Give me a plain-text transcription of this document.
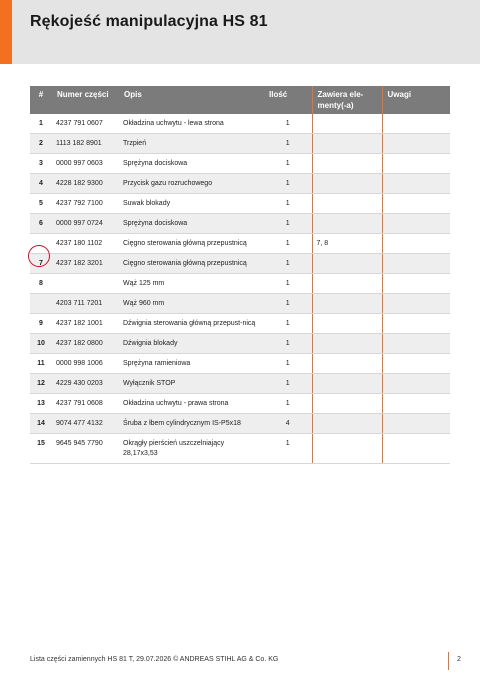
Rękojeść manipulacyjna HS 81
#	Numer części	Opis	Ilość	Zawiera ele-menty(-a)	Uwagi
1	4237 791 0607	Okładzina uchwytu - lewa strona	1		
2	1113 182 8901	Trzpień	1		
3	0000 997 0603	Sprężyna dociskowa	1		
4	4228 182 9300	Przycisk gazu rozruchowego	1		
5	4237 792 7100	Suwak blokady	1		
6	0000 997 0724	Sprężyna dociskowa	1		
	4237 180 1102	Cięgno sterowania główną przepustnicą	1	7, 8	
7	4237 182 3201	Cięgno sterowania główną przepustnicą	1		
8		Wąż 125 mm	1		
	4203 711 7201	Wąż 960 mm	1		
9	4237 182 1001	Dźwignia sterowania główną przepust-nicą	1		
10	4237 182 0800	Dźwignia blokady	1		
11	0000 998 1006	Sprężyna ramieniowa	1		
12	4229 430 0203	Wyłącznik STOP	1		
13	4237 791 0608	Okładzina uchwytu - prawa strona	1		
14	9074 477 4132	Śruba z łbem cylindrycznym IS-P5x18	4		
15	9645 945 7790	Okrągły pierścień uszczelniający 28,17x3,53	1		
Lista części zamiennych HS 81 T, 29.07.2026 © ANDREAS STIHL AG & Co. KG	2
